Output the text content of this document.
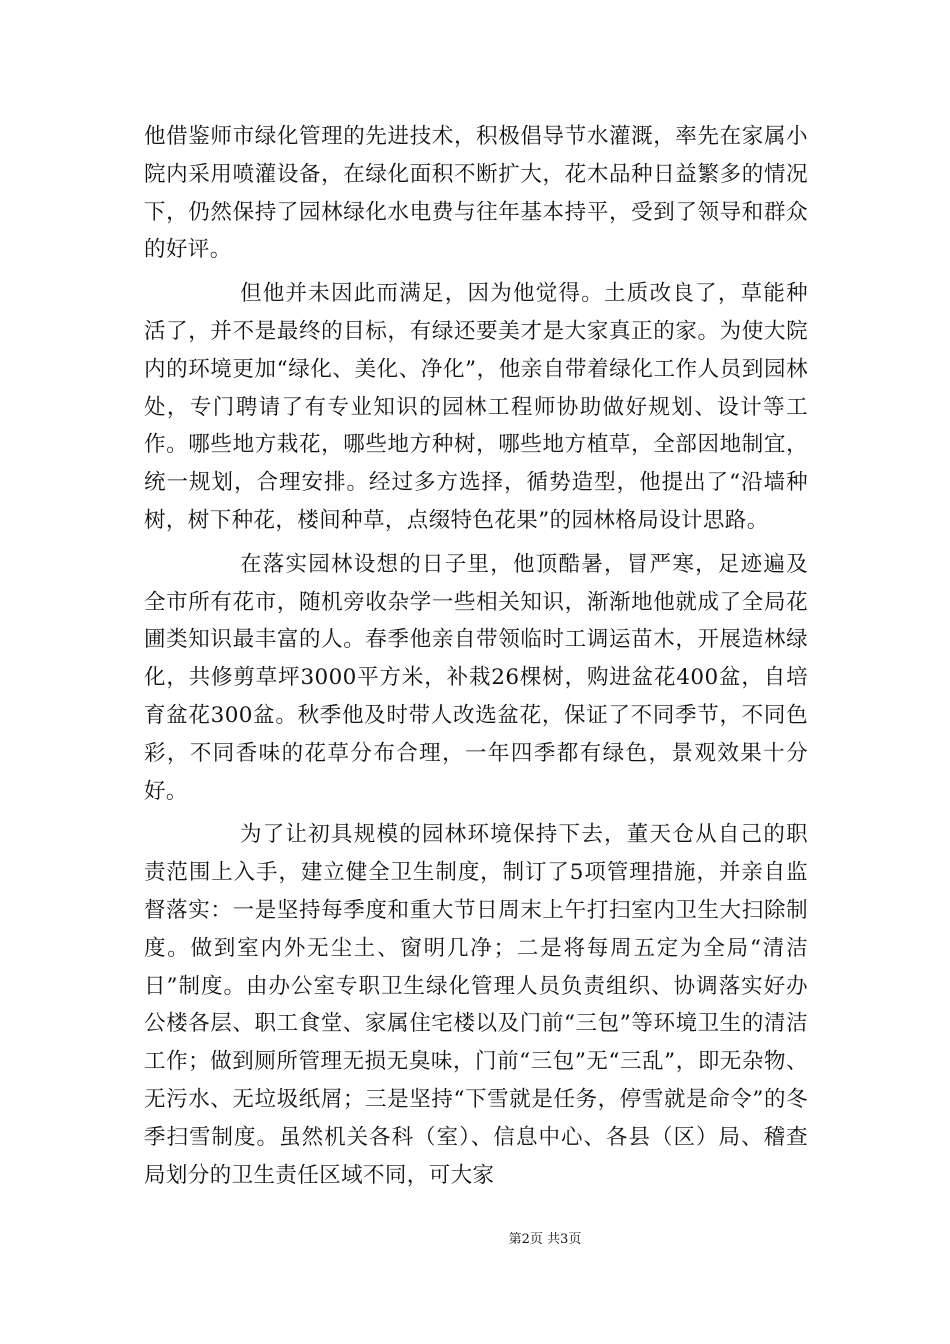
他借鉴师市绿化管理的先进技术，积极倡导节水灌溉，率先在家属小院内采用喷灌设备，在绿化面积不断扩大，花木品种日益繁多的情况下，仍然保持了园林绿化水电费与往年基本持平，受到了领导和群众的好评。

但他并未因此而满足，因为他觉得。土质改良了，草能种活了，并不是最终的目标，有绿还要美才是大家真正的家。为使大院内的环境更加“绿化、美化、净化”，他亲自带着绿化工作人员到园林处，专门聘请了有专业知识的园林工程师协助做好规划、设计等工作。哪些地方栽花，哪些地方种树，哪些地方植草，全部因地制宜，统一规划，合理安排。经过多方选择，循势造型，他提出了“沿墙种树，树下种花，楼间种草，点缀特色花果”的园林格局设计思路。

在落实园林设想的日子里，他顶酷暑，冒严寒，足迹遍及全市所有花市，随机旁收杂学一些相关知识，渐渐地他就成了全局花圃类知识最丰富的人。春季他亲自带领临时工调运苗木，开展造林绿化，共修剪草坪3000平方米，补栽26棵树，购进盆花400盆，自培育盆花300盆。秋季他及时带人改选盆花，保证了不同季节，不同色彩，不同香味的花草分布合理，一年四季都有绿色，景观效果十分好。

为了让初具规模的园林环境保持下去，董天仓从自己的职责范围上入手，建立健全卫生制度，制订了5项管理措施，并亲自监督落实：一是坚持每季度和重大节日周末上午打扫室内卫生大扫除制度。做到室内外无尘土、窗明几净；二是将每周五定为全局“清洁日”制度。由办公室专职卫生绿化管理人员负责组织、协调落实好办公楼各层、职工食堂、家属住宅楼以及门前“三包”等环境卫生的清洁工作；做到厕所管理无损无臭味，门前“三包”无“三乱”，即无杂物、无污水、无垃圾纸屑；三是坚持“下雪就是任务，停雪就是命令”的冬季扫雪制度。虽然机关各科（室）、信息中心、各县（区）局、稽查局划分的卫生责任区域不同，可大家

第2页 共3页
